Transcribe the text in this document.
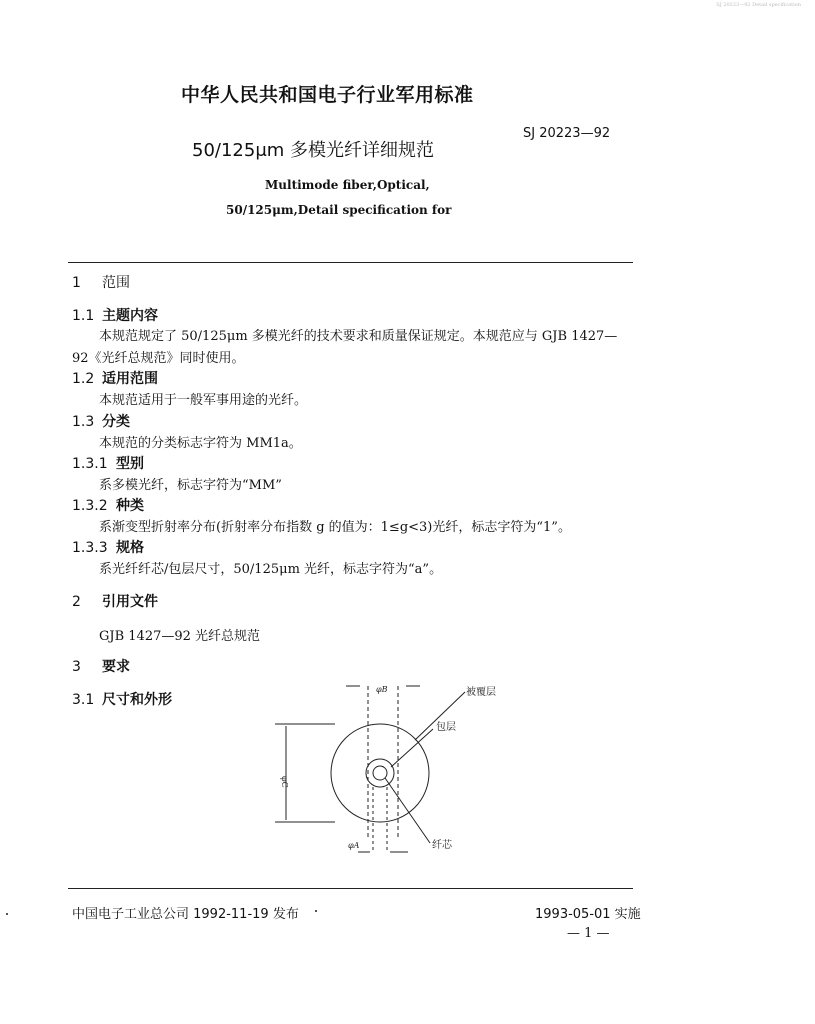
SJ 20223—92 Detail specification
中华人民共和国电子行业军用标准
50/125μm 多模光纤详细规范
SJ 20223—92
Multimode fiber,Optical,
50/125μm,Detail specification for
1 范围
1.1 主题内容
本规范规定了 50/125μm 多模光纤的技术要求和质量保证规定。本规范应与 GJB 1427—
92《光纤总规范》同时使用。
1.2 适用范围
本规范适用于一般军事用途的光纤。
1.3 分类
本规范的分类标志字符为 MM1a。
1.3.1 型别
系多模光纤，标志字符为“MM”
1.3.2 种类
系渐变型折射率分布(折射率分布指数 g 的值为：1≤g<3)光纤，标志字符为“1”。
1.3.3 规格
系光纤纤芯/包层尺寸，50/125μm 光纤，标志字符为“a”。
2 引用文件
GJB 1427—92 光纤总规范
3 要求
3.1 尺寸和外形
φB
φC
φA
被覆层
包层
纤芯
中国电子工业总公司 1992-11-19 发布	1993-05-01 实施
— 1 —
